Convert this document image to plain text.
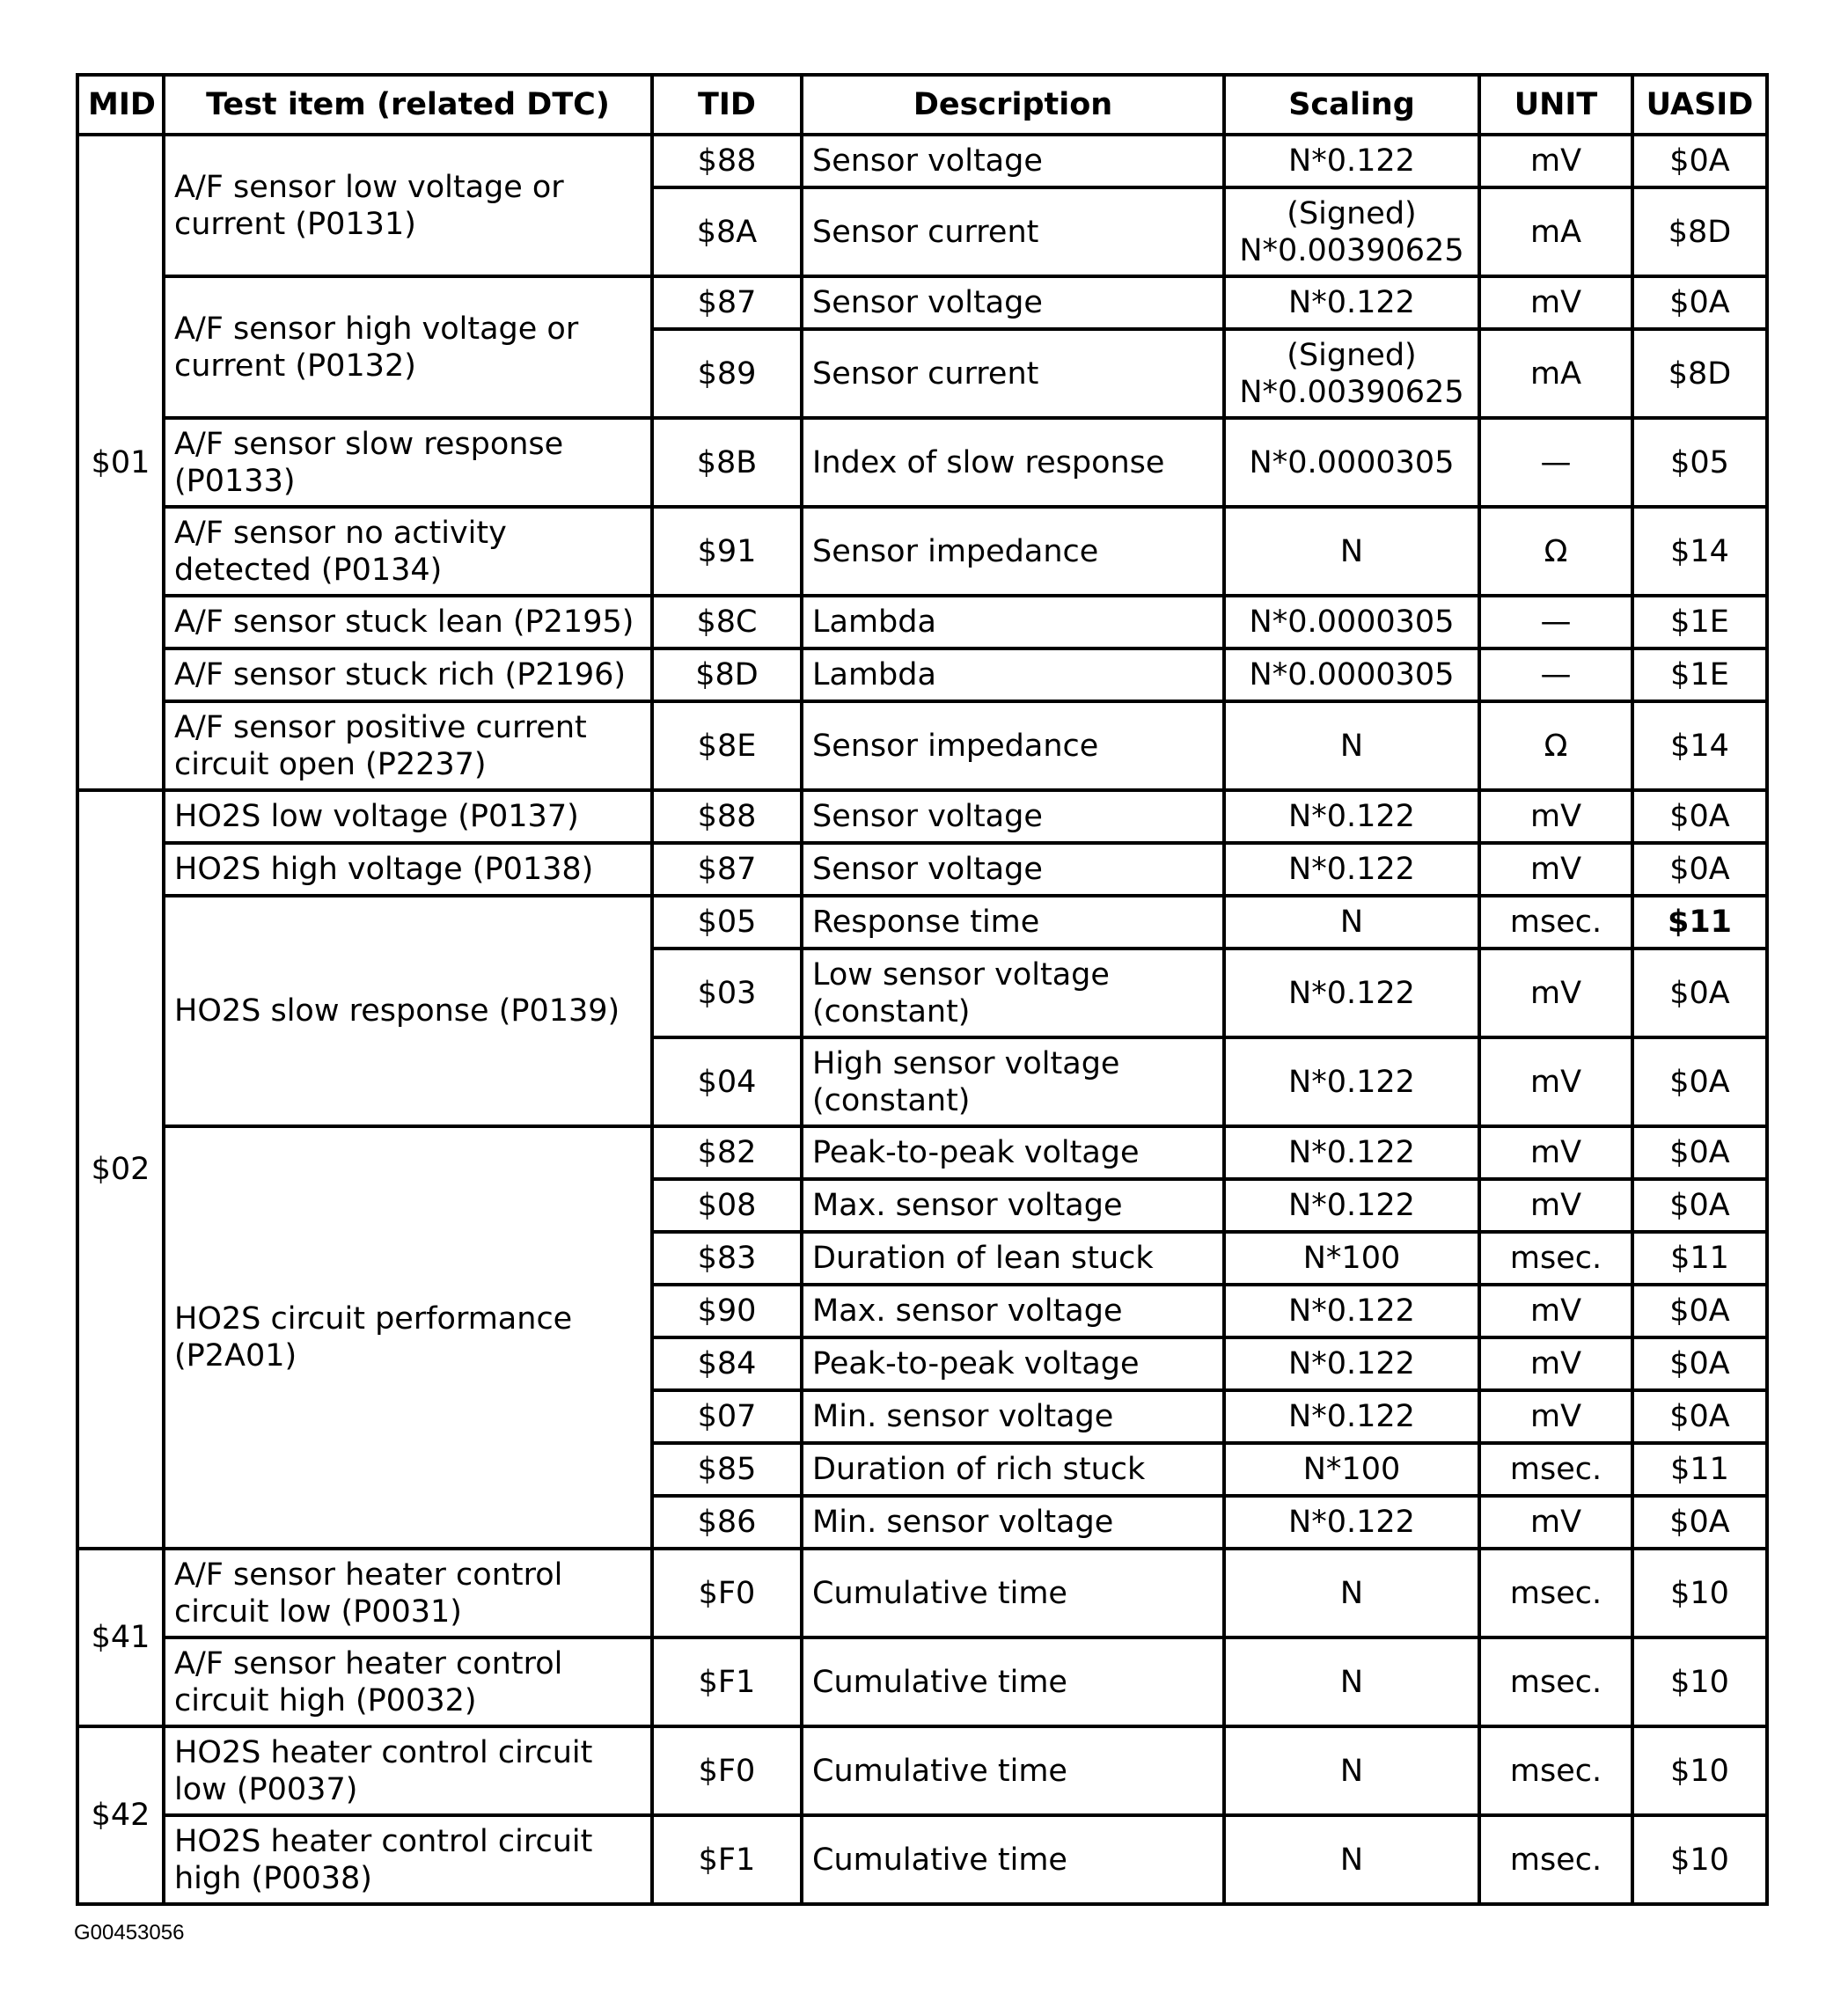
MID	Test item (related DTC)	TID	Description	Scaling	UNIT	UASID
$01	A/F sensor low voltage or
current (P0131)	$88	Sensor voltage	N*0.122	mV	$0A
		$8A	Sensor current	(Signed)
N*0.00390625	mA	$8D
	A/F sensor high voltage or
current (P0132)	$87	Sensor voltage	N*0.122	mV	$0A
		$89	Sensor current	(Signed)
N*0.00390625	mA	$8D
	A/F sensor slow response
(P0133)	$8B	Index of slow response	N*0.0000305	—	$05
	A/F sensor no activity
detected (P0134)	$91	Sensor impedance	N	Ω	$14
	A/F sensor stuck lean (P2195)	$8C	Lambda	N*0.0000305	—	$1E
	A/F sensor stuck rich (P2196)	$8D	Lambda	N*0.0000305	—	$1E
	A/F sensor positive current
circuit open (P2237)	$8E	Sensor impedance	N	Ω	$14
$02	HO2S low voltage (P0137)	$88	Sensor voltage	N*0.122	mV	$0A
	HO2S high voltage (P0138)	$87	Sensor voltage	N*0.122	mV	$0A
	HO2S slow response (P0139)	$05	Response time	N	msec.	$11
		$03	Low sensor voltage
(constant)	N*0.122	mV	$0A
		$04	High sensor voltage
(constant)	N*0.122	mV	$0A
	HO2S circuit performance
(P2A01)	$82	Peak-to-peak voltage	N*0.122	mV	$0A
		$08	Max. sensor voltage	N*0.122	mV	$0A
		$83	Duration of lean stuck	N*100	msec.	$11
		$90	Max. sensor voltage	N*0.122	mV	$0A
		$84	Peak-to-peak voltage	N*0.122	mV	$0A
		$07	Min. sensor voltage	N*0.122	mV	$0A
		$85	Duration of rich stuck	N*100	msec.	$11
		$86	Min. sensor voltage	N*0.122	mV	$0A
$41	A/F sensor heater control
circuit low (P0031)	$F0	Cumulative time	N	msec.	$10
	A/F sensor heater control
circuit high (P0032)	$F1	Cumulative time	N	msec.	$10
$42	HO2S heater control circuit
low (P0037)	$F0	Cumulative time	N	msec.	$10
	HO2S heater control circuit
high (P0038)	$F1	Cumulative time	N	msec.	$10
G00453056
